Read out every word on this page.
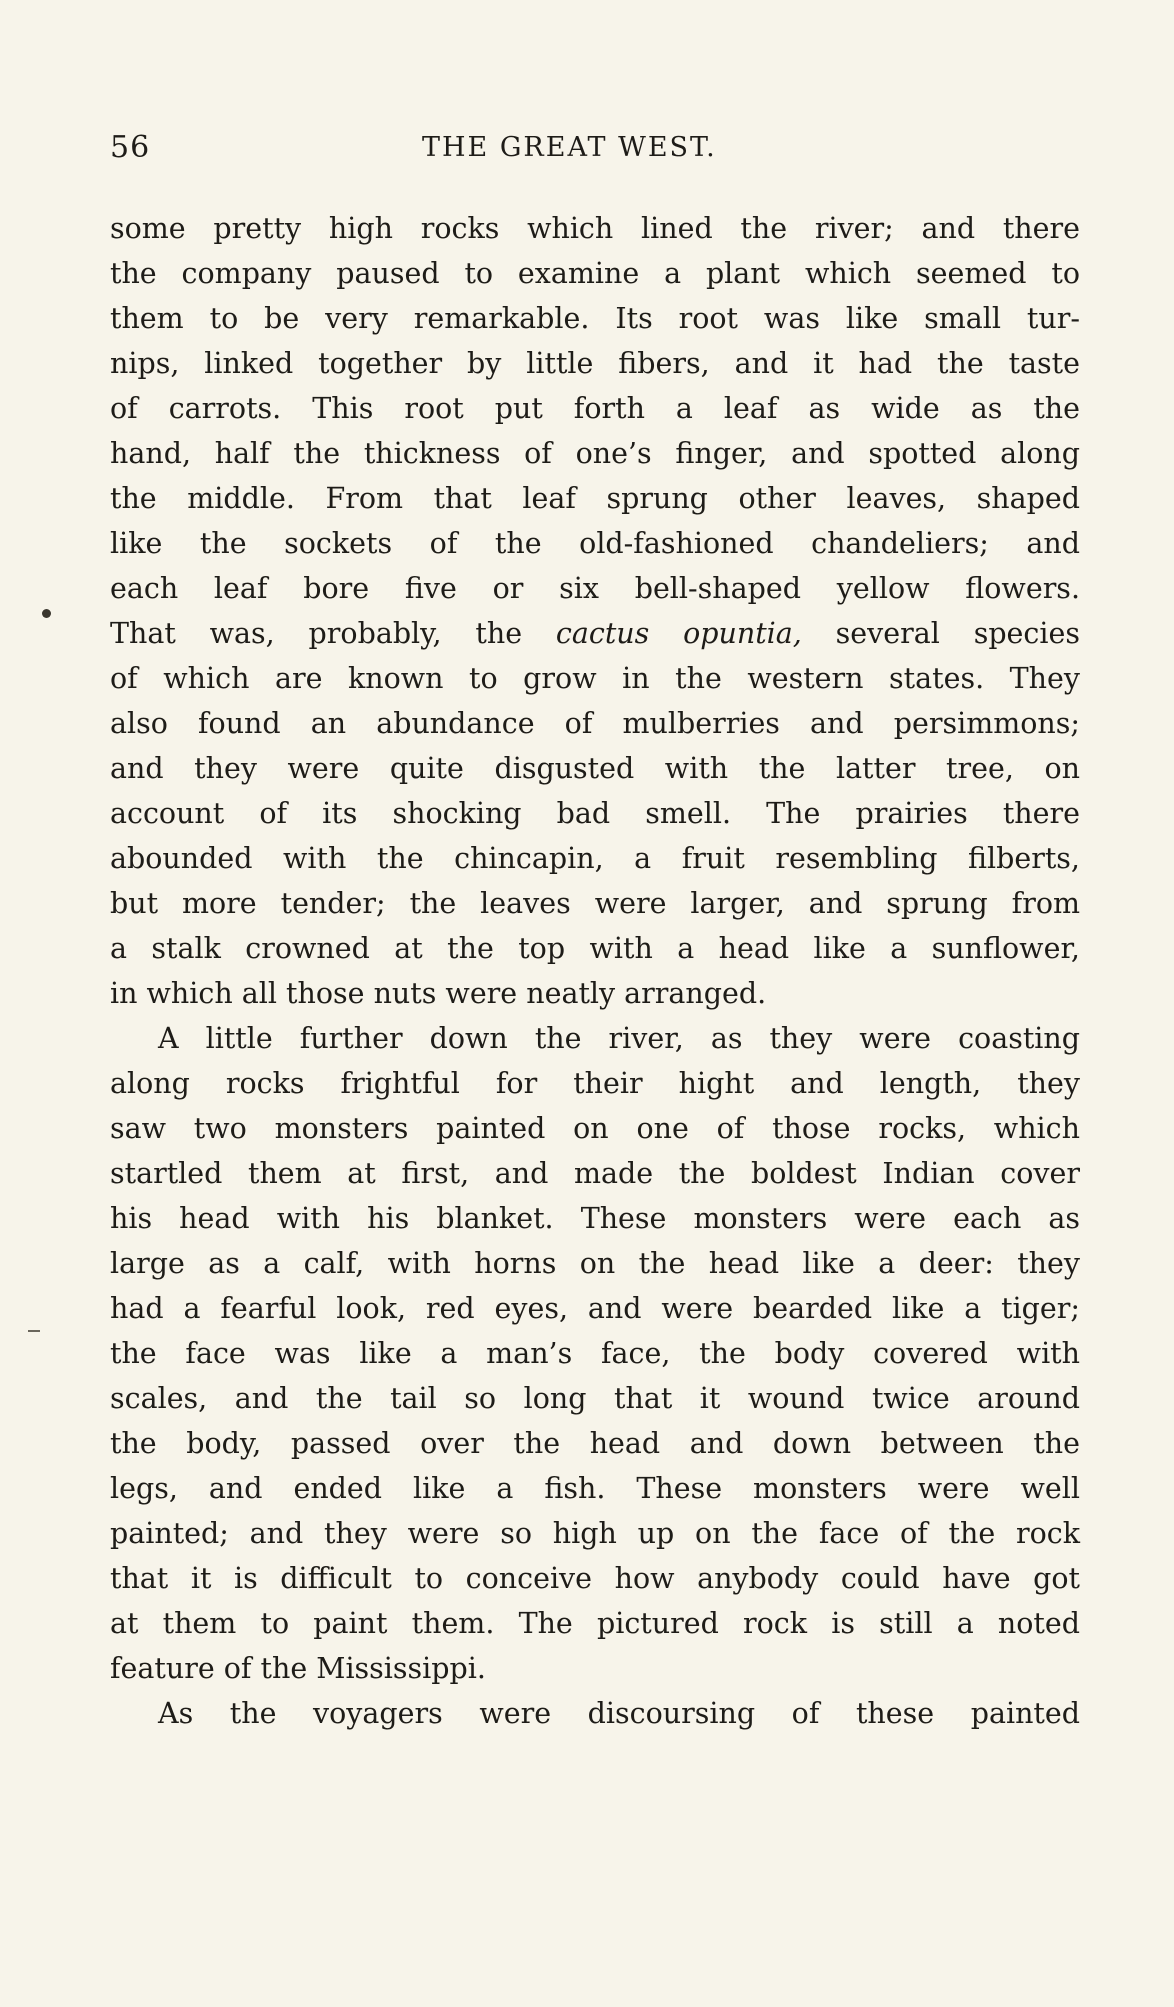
56	THE GREAT WEST.
some pretty high rocks which lined the river; and there
the company paused to examine a plant which seemed to
them to be very remarkable. Its root was like small tur-
nips, linked together by little fibers, and it had the taste
of carrots. This root put forth a leaf as wide as the
hand, half the thickness of one’s finger, and spotted along
the middle. From that leaf sprung other leaves, shaped
like the sockets of the old-fashioned chandeliers; and
each leaf bore five or six bell-shaped yellow flowers.
That was, probably, the cactus opuntia, several species
of which are known to grow in the western states. They
also found an abundance of mulberries and persimmons;
and they were quite disgusted with the latter tree, on
account of its shocking bad smell. The prairies there
abounded with the chincapin, a fruit resembling filberts,
but more tender; the leaves were larger, and sprung from
a stalk crowned at the top with a head like a sunflower,
in which all those nuts were neatly arranged.
A little further down the river, as they were coasting
along rocks frightful for their hight and length, they
saw two monsters painted on one of those rocks, which
startled them at first, and made the boldest Indian cover
his head with his blanket. These monsters were each as
large as a calf, with horns on the head like a deer: they
had a fearful look, red eyes, and were bearded like a tiger;
the face was like a man’s face, the body covered with
scales, and the tail so long that it wound twice around
the body, passed over the head and down between the
legs, and ended like a fish. These monsters were well
painted; and they were so high up on the face of the rock
that it is difficult to conceive how anybody could have got
at them to paint them. The pictured rock is still a noted
feature of the Mississippi.
As the voyagers were discoursing of these painted
